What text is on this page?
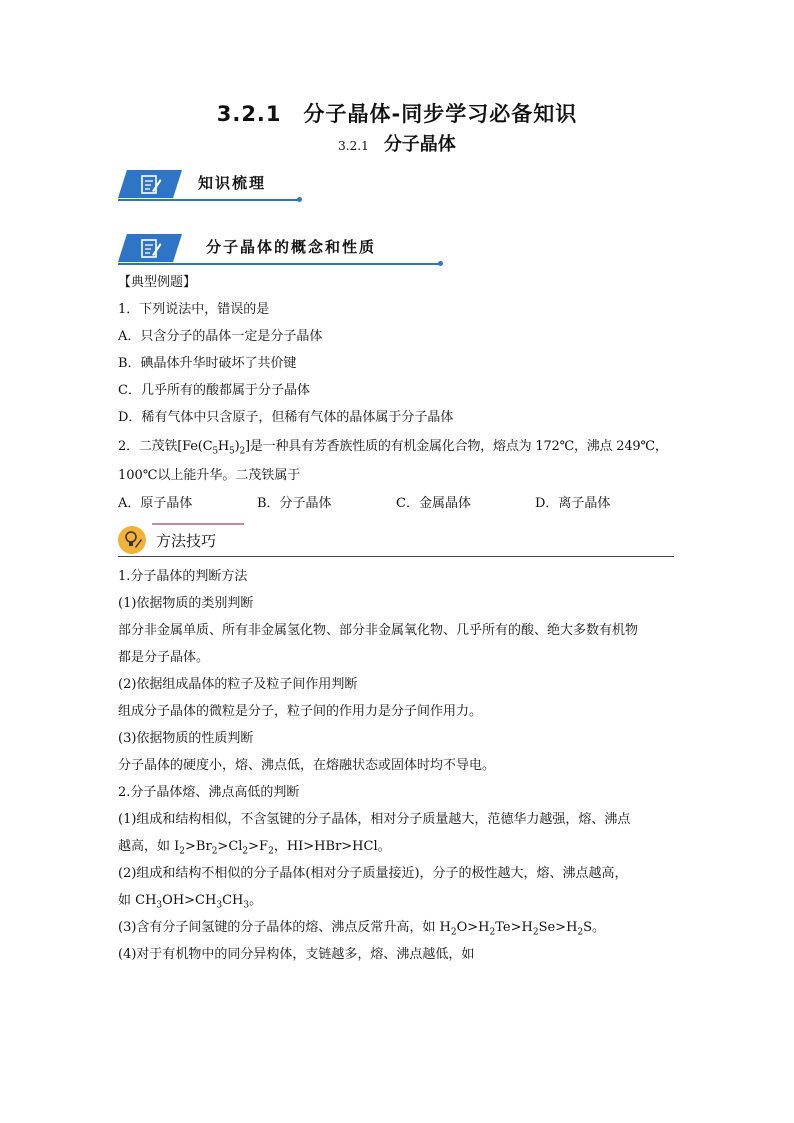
3.2.1　分子晶体-同步学习必备知识
3.2.1 分子晶体
知识梳理
分子晶体的概念和性质
【典型例题】
1．下列说法中，错误的是
A．只含分子的晶体一定是分子晶体
B．碘晶体升华时破坏了共价键
C．几乎所有的酸都属于分子晶体
D．稀有气体中只含原子，但稀有气体的晶体属于分子晶体
2．二茂铁$[Fe(C_5H_5)_2]$是一种具有芳香族性质的有机金属化合物，熔点为 172℃，沸点 249℃，
100℃以上能升华。二茂铁属于
A．原子晶体	B．分子晶体	C．金属晶体	D．离子晶体
方法技巧
1.分子晶体的判断方法
(1)依据物质的类别判断
部分非金属单质、所有非金属氢化物、部分非金属氧化物、几乎所有的酸、绝大多数有机物
都是分子晶体。
(2)依据组成晶体的粒子及粒子间作用判断
组成分子晶体的微粒是分子，粒子间的作用力是分子间作用力。
(3)依据物质的性质判断
分子晶体的硬度小，熔、沸点低，在熔融状态或固体时均不导电。
2.分子晶体熔、沸点高低的判断
(1)组成和结构相似，不含氢键的分子晶体，相对分子质量越大，范德华力越强，熔、沸点
越高，如 $I_2>Br_2>Cl_2>F_2$，HI>HBr>HCl。
(2)组成和结构不相似的分子晶体(相对分子质量接近)，分子的极性越大，熔、沸点越高，
如 $CH_3OH>CH_3CH_3$。
(3)含有分子间氢键的分子晶体的熔、沸点反常升高，如 $H_2O>H_2Te>H_2Se>H_2S$。
(4)对于有机物中的同分异构体，支链越多，熔、沸点越低，如
